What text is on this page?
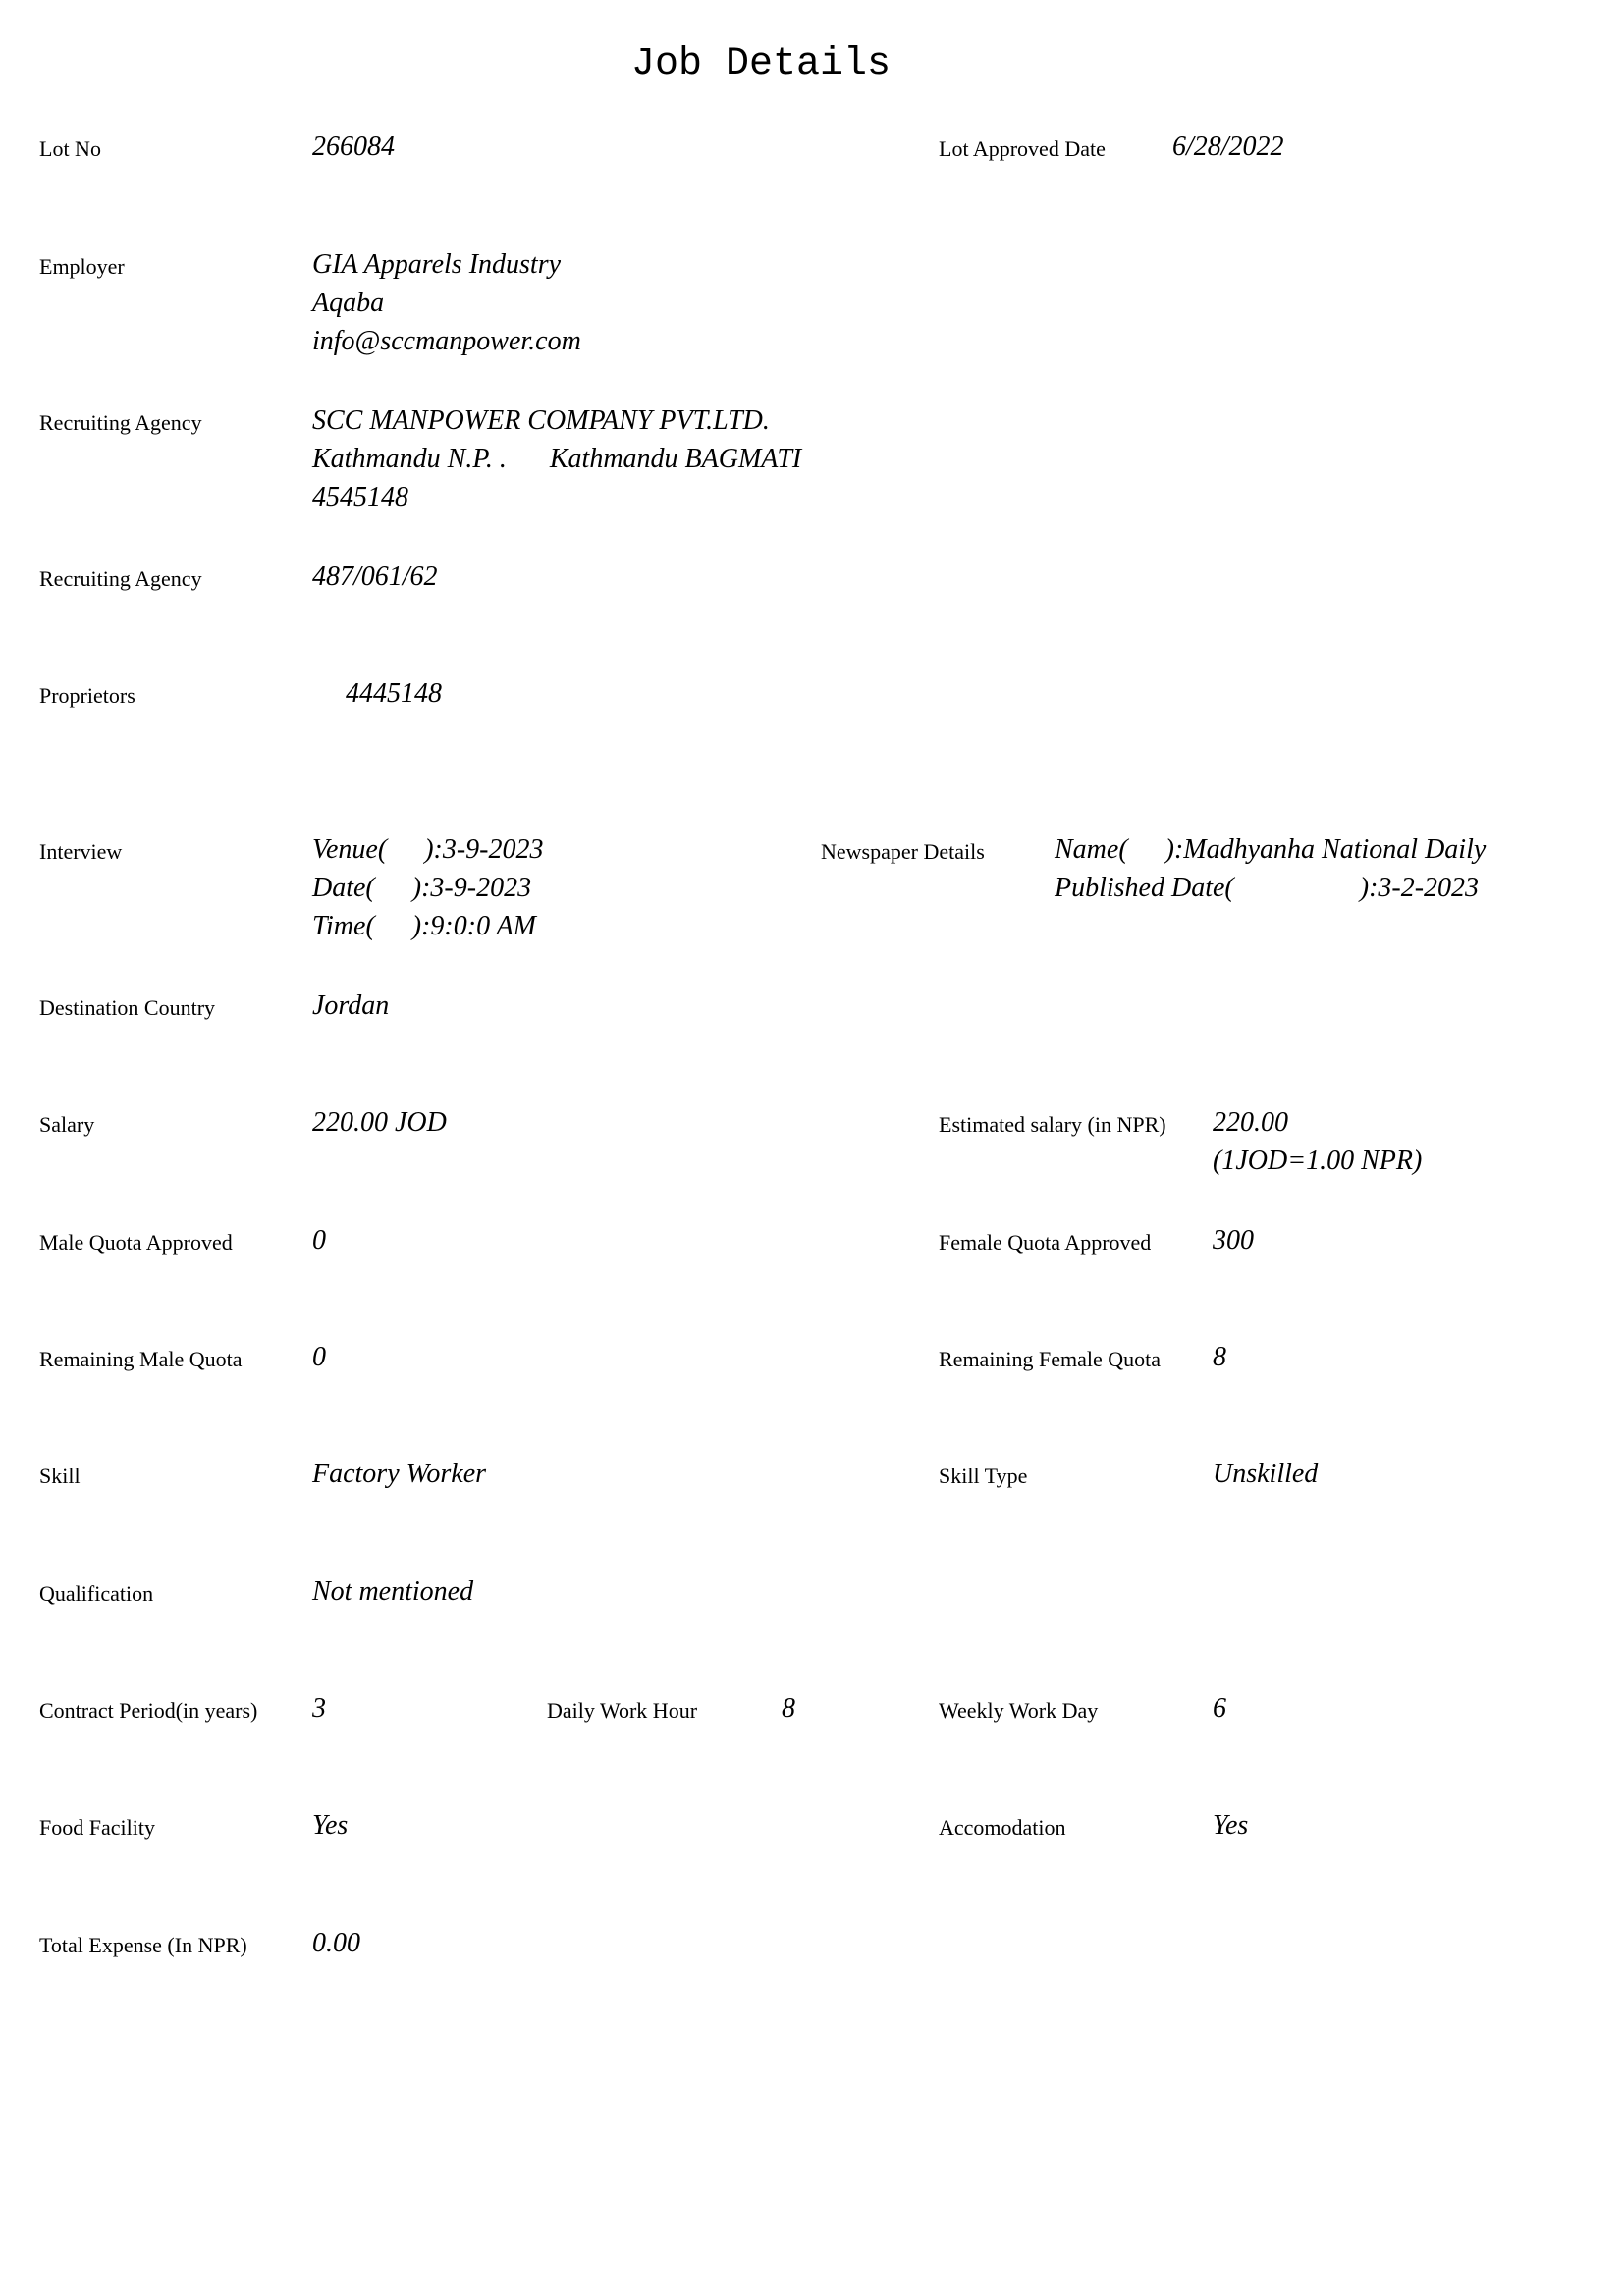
Job Details
Lot No	266084	Lot Approved Date 6/28/2022
Employer	GIA Apparels Industry
Aqaba
info@sccmanpower.com
Recruiting Agency	SCC MANPOWER COMPANY PVT.LTD.
Kathmandu N.P. . Kathmandu BAGMATI
4545148
Recruiting Agency	487/061/62
Proprietors	4445148
Interview	Venue( ):3-9-2023
Date( ):3-9-2023
Time( ):9:0:0 AM
Newspaper Details	Name( ):Madhyanha National Daily
Published Date(	):3-2-2023
Destination Country	Jordan
Salary	220.00 JOD	Estimated salary (in NPR) 220.00
(1JOD=1.00 NPR)
Male Quota Approved	0	Female Quota Approved 300
Remaining Male Quota	0	Remaining Female Quota 8
Skill	Factory Worker	Skill Type	Unskilled
Qualification	Not mentioned
Contract Period(in years) 3	Daily Work Hour	8	Weekly Work Day	6
Food Facility	Yes	Accomodation	Yes
Total Expense (In NPR) 0.00
